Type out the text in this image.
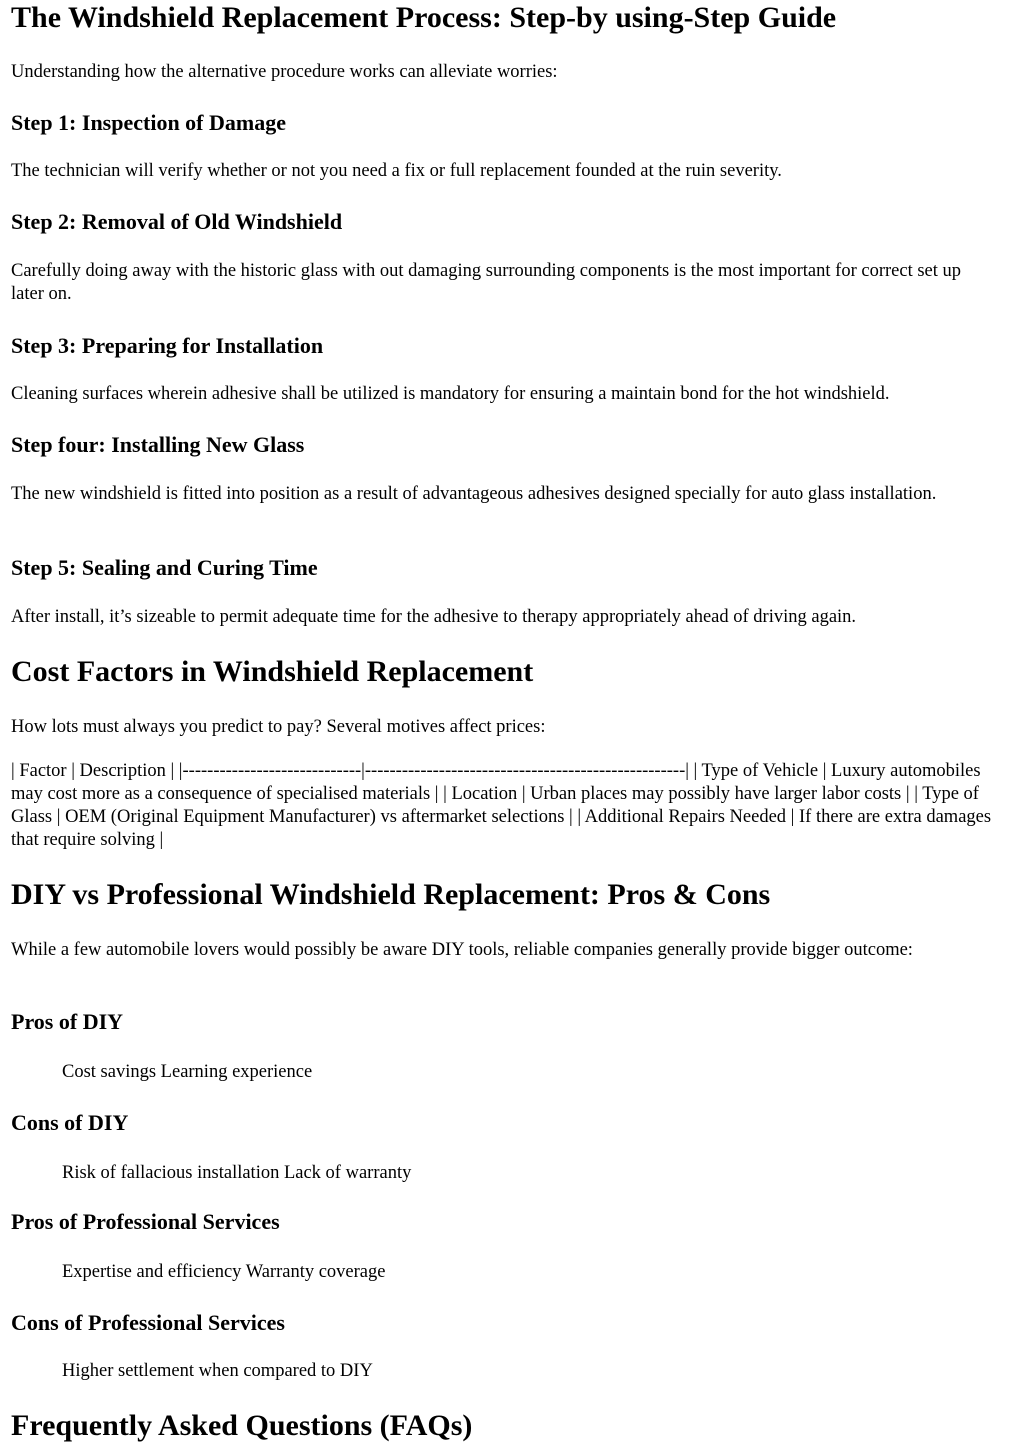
The Windshield Replacement Process: Step-by using-Step Guide

Understanding how the alternative procedure works can alleviate worries:

Step 1: Inspection of Damage

The technician will verify whether or not you need a fix or full replacement founded at the ruin severity.

Step 2: Removal of Old Windshield

Carefully doing away with the historic glass with out damaging surrounding components is the most important for correct set up later on.

Step 3: Preparing for Installation

Cleaning surfaces wherein adhesive shall be utilized is mandatory for ensuring a maintain bond for the hot windshield.

Step four: Installing New Glass

The new windshield is fitted into position as a result of advantageous adhesives designed specially for auto glass installation.

Step 5: Sealing and Curing Time

After install, it’s sizeable to permit adequate time for the adhesive to therapy appropriately ahead of driving again.

Cost Factors in Windshield Replacement

How lots must always you predict to pay? Several motives affect prices:

| Factor | Description | |-----------------------------|----------------------------------------------------| | Type of Vehicle | Luxury automobiles may cost more as a consequence of specialised materials | | Location | Urban places may possibly have larger labor costs | | Type of Glass | OEM (Original Equipment Manufacturer) vs aftermarket selections | | Additional Repairs Needed | If there are extra damages that require solving |

DIY vs Professional Windshield Replacement: Pros & Cons

While a few automobile lovers would possibly be aware DIY tools, reliable companies generally provide bigger outcome:

Pros of DIY

Cost savings Learning experience

Cons of DIY

Risk of fallacious installation Lack of warranty

Pros of Professional Services

Expertise and efficiency Warranty coverage

Cons of Professional Services

Higher settlement when compared to DIY

Frequently Asked Questions (FAQs)
